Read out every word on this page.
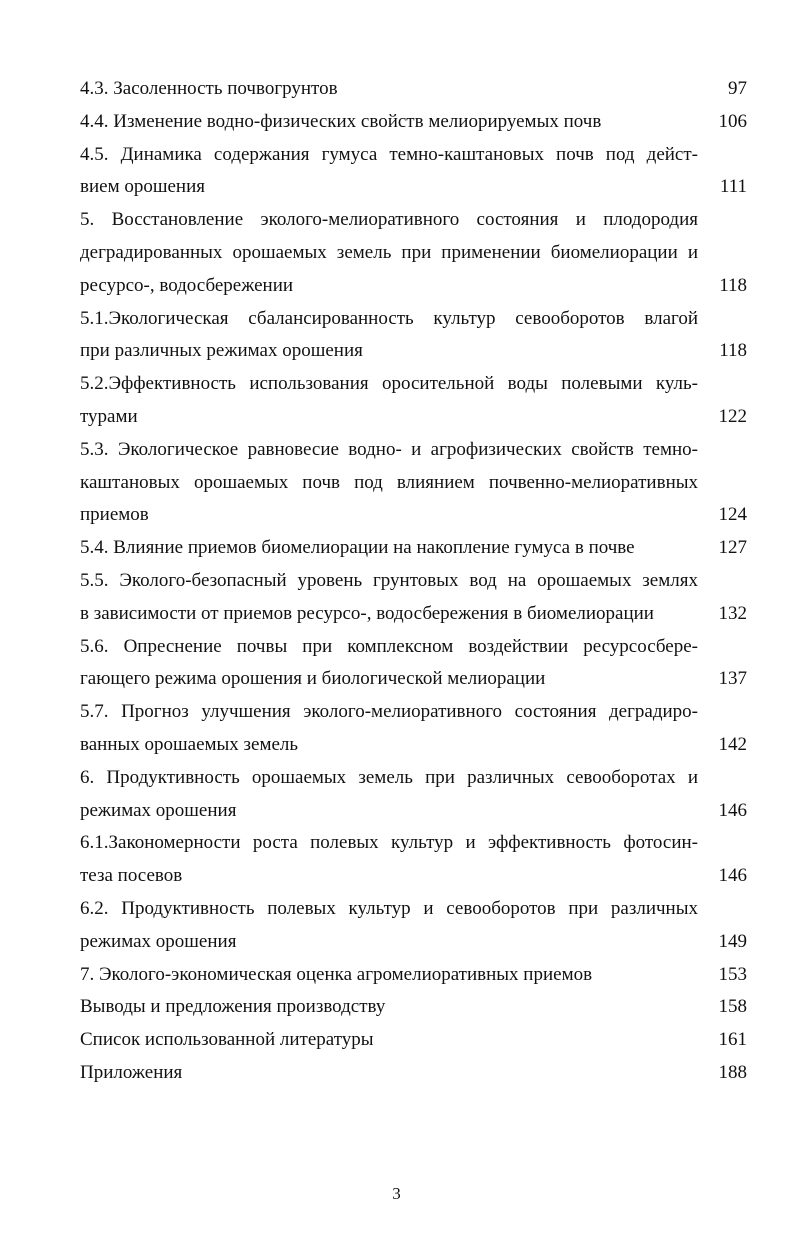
4.3. Засоленность почвогрунтов	97
4.4. Изменение водно-физических свойств мелиорируемых почв	106
4.5. Динамика содержания гумуса темно-каштановых почв под дейст-
вием орошения	111
5. Восстановление эколого-мелиоративного состояния и плодородия
деградированных орошаемых земель при применении биомелиорации и
ресурсо-, водосбережении	118
5.1.Экологическая сбалансированность культур севооборотов влагой
при различных режимах орошения	118
5.2.Эффективность использования оросительной воды полевыми куль-
турами	122
5.3. Экологическое равновесие водно- и агрофизических свойств темно-
каштановых орошаемых почв под влиянием почвенно-мелиоративных
приемов	124
5.4. Влияние приемов биомелиорации на накопление гумуса в почве	127
5.5. Эколого-безопасный уровень грунтовых вод на орошаемых землях
в зависимости от приемов ресурсо-, водосбережения в биомелиорации	132
5.6. Опреснение почвы при комплексном воздействии ресурсосбере-
гающего режима орошения и биологической мелиорации	137
5.7. Прогноз улучшения эколого-мелиоративного состояния деградиро-
ванных орошаемых земель	142
6. Продуктивность орошаемых земель при различных севооборотах и
режимах орошения	146
6.1.Закономерности роста полевых культур и эффективность фотосин-
теза посевов	146
6.2. Продуктивность полевых культур и севооборотов при различных
режимах орошения	149
7. Эколого-экономическая оценка агромелиоративных приемов	153
Выводы и предложения производству	158
Список использованной литературы	161
Приложения	188
3
